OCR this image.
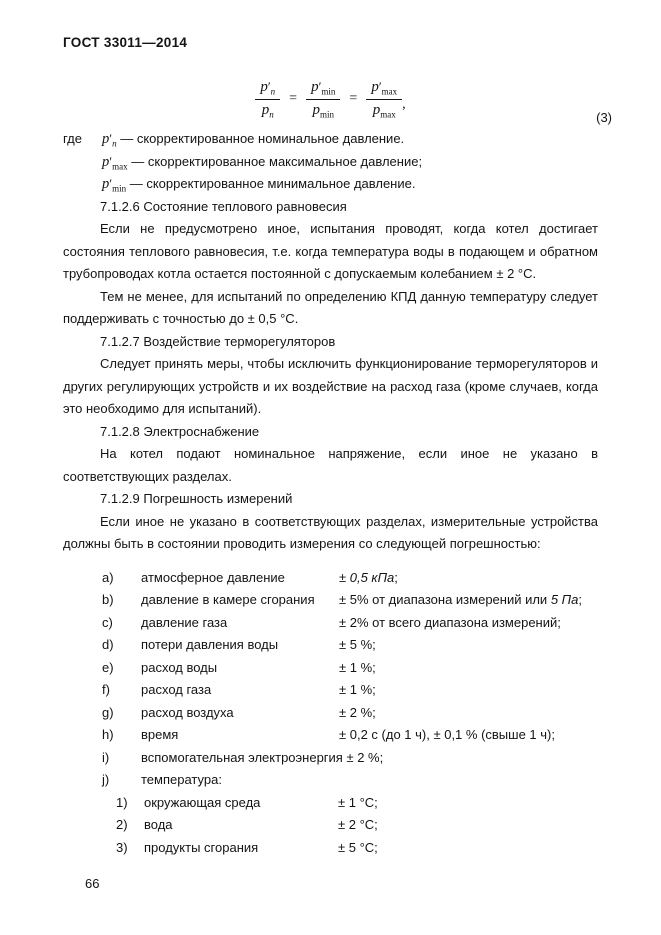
ГОСТ 33011—2014
$\frac{p'_n}{p_n} = \frac{p'_{min}}{p_{min}} = \frac{p'_{max}}{p_{max}}$ ,
(3)
где $p'_n$ — скорректированное номинальное давление.
$p'_{max}$ — скорректированное максимальное давление;
$p'_{min}$ — скорректированное минимальное давление.
7.1.2.6 Состояние теплового равновесия
Если не предусмотрено иное, испытания проводят, когда котел достигает состояния теплового равновесия, т.е. когда температура воды в подающем и обратном трубопроводах котла остается постоянной с допускаемым колебанием ± 2 °С.
Тем не менее, для испытаний по определению КПД данную температуру следует поддерживать с точностью до ± 0,5 °С.
7.1.2.7 Воздействие терморегуляторов
Следует принять меры, чтобы исключить функционирование терморегуляторов и других регулирующих устройств и их воздействие на расход газа (кроме случаев, когда это необходимо для испытаний).
7.1.2.8 Электроснабжение
На котел подают номинальное напряжение, если иное не указано в соответствующих разделах.
7.1.2.9 Погрешность измерений
Если иное не указано в соответствующих разделах, измерительные устройства должны быть в состоянии проводить измерения со следующей погрешностью:
a) атмосферное давление	± 0,5 кПа;
b) давление в камере сгорания ± 5% от диапазона измерений или 5 Па;
c) давление газа	± 2% от всего диапазона измерений;
d) потери давления воды	± 5 %;
e) расход воды	± 1 %;
f) расход газа	± 1 %;
g) расход воздуха	± 2 %;
h) время	± 0,2 с (до 1 ч), ± 0,1 % (свыше 1 ч);
i) вспомогательная электроэнергия ± 2 %;
j) температура:
1) окружающая среда	± 1 °С;
2) вода	± 2 °С;
3) продукты сгорания	± 5 °С;
66
